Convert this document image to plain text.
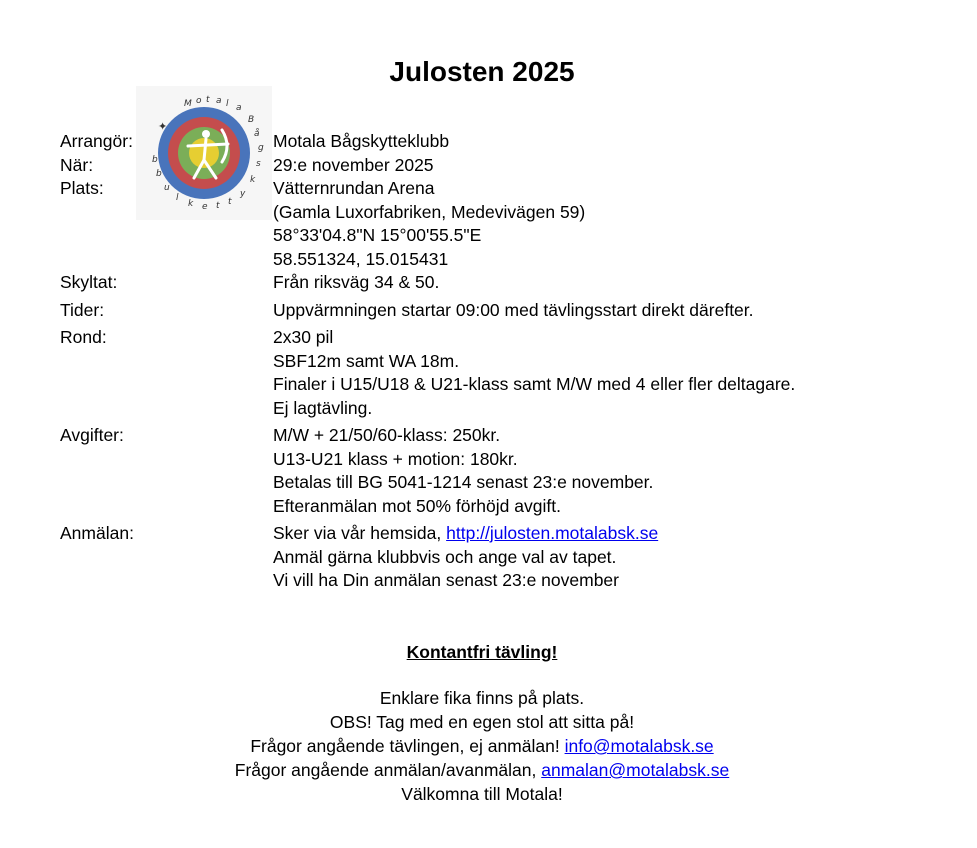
Julosten 2025
M o t a l a
B
å
g
s
k
y
t
t
e
k
l
u
b
b
✦
Arrangör:	Motala Bågskytteklubb
När:	29:e november 2025
Plats:	Vätternrundan Arena
(Gamla Luxorfabriken, Medevivägen 59)
58°33'04.8"N 15°00'55.5"E
58.551324, 15.015431
Skyltat:	Från riksväg 34 & 50.
Tider:	Uppvärmningen startar 09:00 med tävlingsstart direkt därefter.
Rond:	2x30 pil
SBF12m samt WA 18m.
Finaler i U15/U18 & U21-klass samt M/W med 4 eller fler deltagare.
Ej lagtävling.
Avgifter:	M/W + 21/50/60-klass: 250kr.
U13-U21 klass + motion: 180kr.
Betalas till BG 5041-1214 senast 23:e november.
Efteranmälan mot 50% förhöjd avgift.
Anmälan:	Sker via vår hemsida, http://julosten.motalabsk.se
Anmäl gärna klubbvis och ange val av tapet.
Vi vill ha Din anmälan senast 23:e november
Kontantfri tävling!
Enklare fika finns på plats.
OBS! Tag med en egen stol att sitta på!
Frågor angående tävlingen, ej anmälan! info@motalabsk.se
Frågor angående anmälan/avanmälan, anmalan@motalabsk.se
Välkomna till Motala!
